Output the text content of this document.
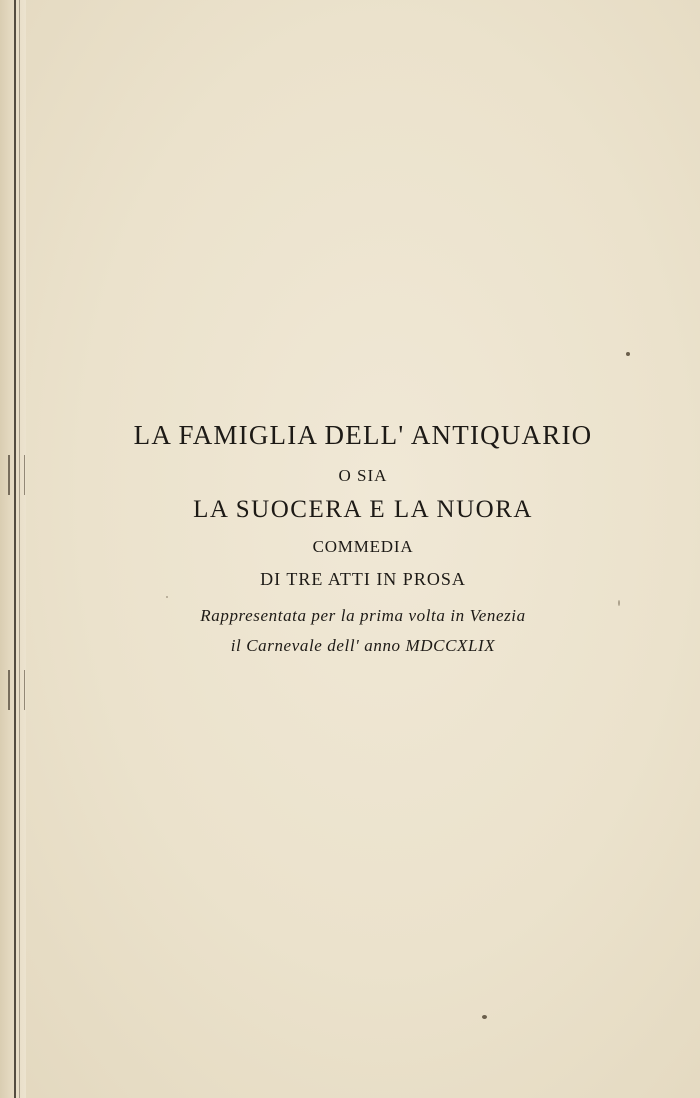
LA FAMIGLIA DELL' ANTIQUARIO
O SIA
LA SUOCERA E LA NUORA
COMMEDIA
DI TRE ATTI IN PROSA
Rappresentata per la prima volta in Venezia
il Carnevale dell' anno MDCCXLIX
